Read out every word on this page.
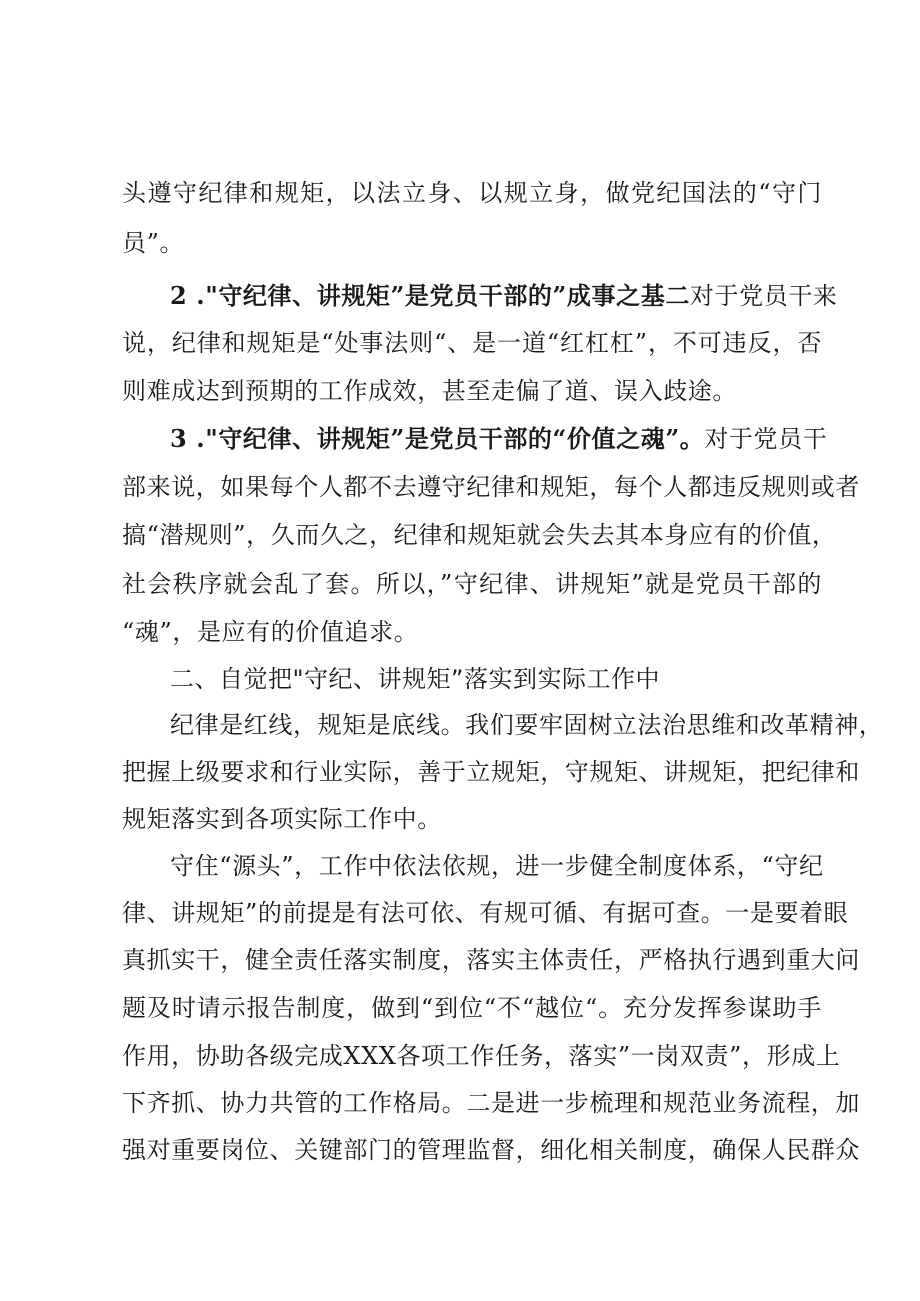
头遵守纪律和规矩，以法立身、以规立身，做党纪国法的“守门
员”。
2 ."守纪律、讲规矩”是党员干部的”成事之基二对于党员干来
说，纪律和规矩是“处事法则“、是一道“红杠杠”，不可违反，否
则难成达到预期的工作成效，甚至走偏了道、误入歧途。
3 ."守纪律、讲规矩”是党员干部的“价值之魂”。对于党员干
部来说，如果每个人都不去遵守纪律和规矩，每个人都违反规则或者
搞“潜规则”，久而久之，纪律和规矩就会失去其本身应有的价值，
社会秩序就会乱了套。所以，”守纪律、讲规矩”就是党员干部的
“魂”，是应有的价值追求。
二、自觉把"守纪、讲规矩”落实到实际工作中
纪律是红线，规矩是底线。我们要牢固树立法治思维和改革精神，
把握上级要求和行业实际，善于立规矩，守规矩、讲规矩，把纪律和
规矩落实到各项实际工作中。
守住“源头”，工作中依法依规，进一步健全制度体系，“守纪
律、讲规矩”的前提是有法可依、有规可循、有据可查。一是要着眼
真抓实干，健全责任落实制度，落实主体责任，严格执行遇到重大问
题及时请示报告制度，做到“到位“不“越位“。充分发挥参谋助手
作用，协助各级完成XXX各项工作任务，落实”一岗双责”，形成上
下齐抓、协力共管的工作格局。二是进一步梳理和规范业务流程，加
强对重要岗位、关键部门的管理监督，细化相关制度，确保人民群众
